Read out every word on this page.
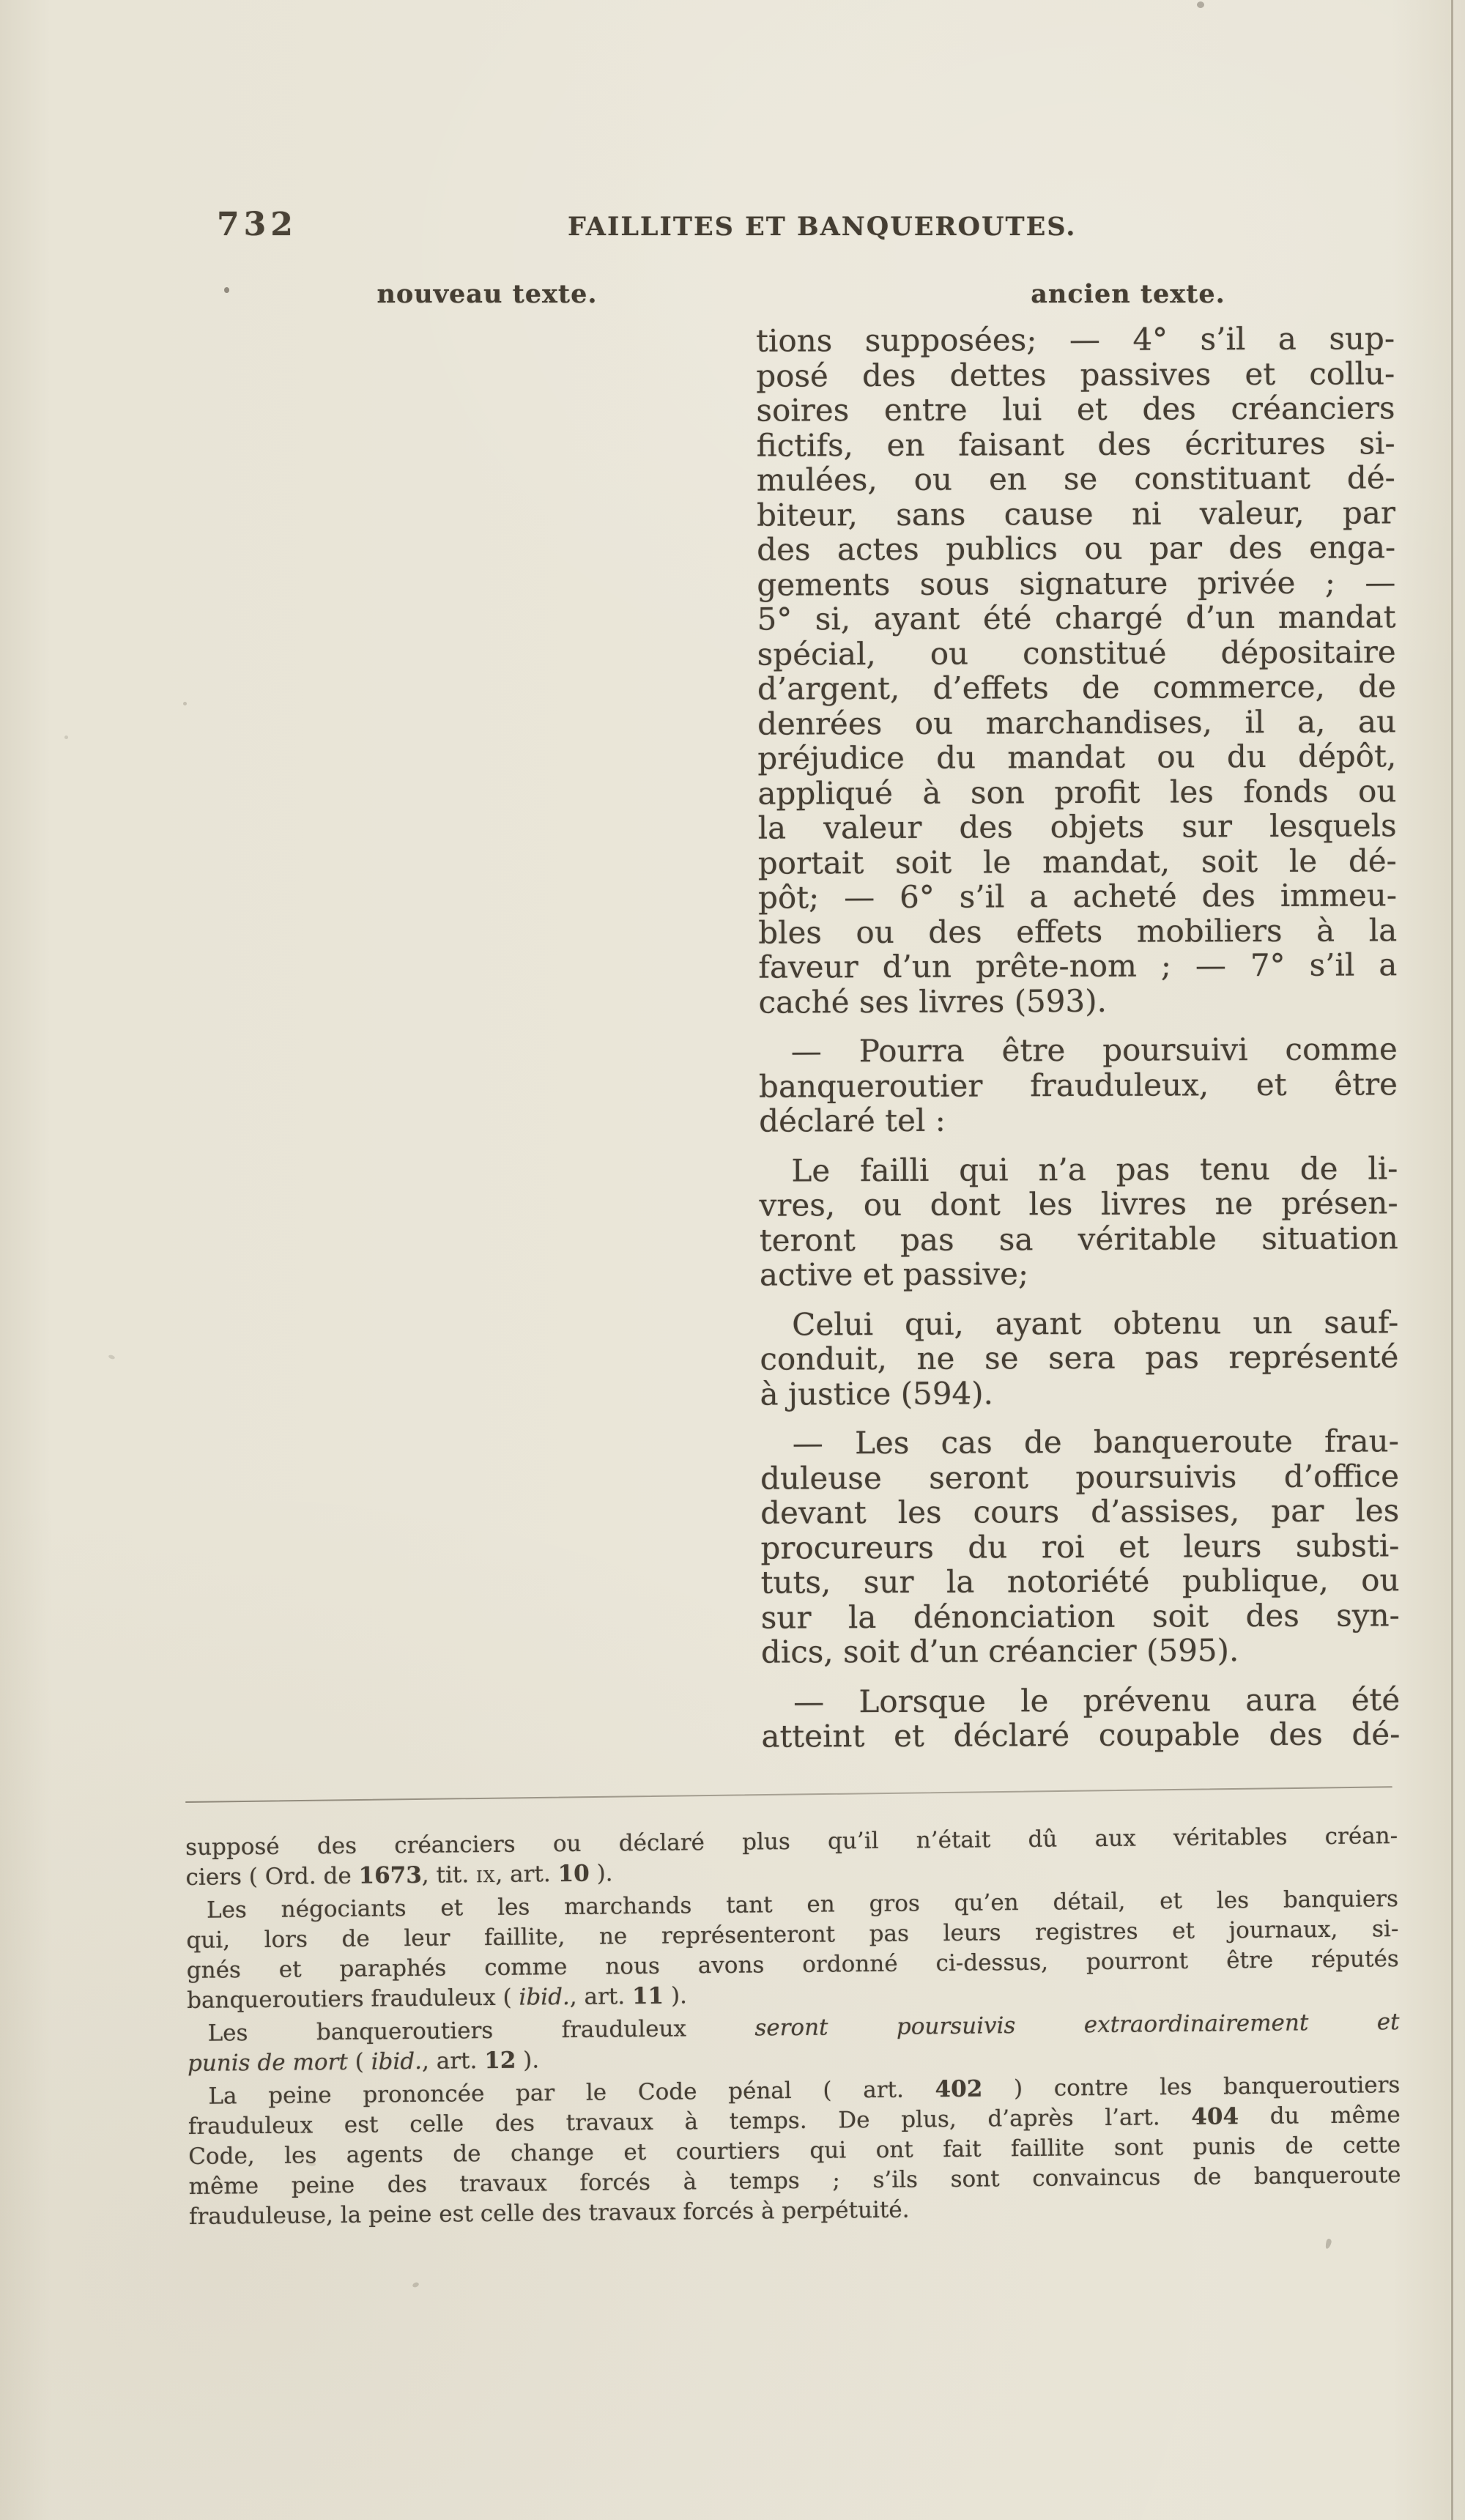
732	FAILLITES ET BANQUEROUTES.
nouveau texte.	ancien texte.
tions supposées; — 4° s’il a sup-
posé des dettes passives et collu-
soires entre lui et des créanciers
fictifs, en faisant des écritures si-
mulées, ou en se constituant dé-
biteur, sans cause ni valeur, par
des actes publics ou par des enga-
gements sous signature privée ; —
5° si, ayant été chargé d’un mandat
spécial, ou constitué dépositaire
d’argent, d’effets de commerce, de
denrées ou marchandises, il a, au
préjudice du mandat ou du dépôt,
appliqué à son profit les fonds ou
la valeur des objets sur lesquels
portait soit le mandat, soit le dé-
pôt; — 6° s’il a acheté des immeu-
bles ou des effets mobiliers à la
faveur d’un prête-nom ; — 7° s’il a
caché ses livres (593).
— Pourra être poursuivi comme
banqueroutier frauduleux, et être
déclaré tel :
Le failli qui n’a pas tenu de li-
vres, ou dont les livres ne présen-
teront pas sa véritable situation
active et passive;
Celui qui, ayant obtenu un sauf-
conduit, ne se sera pas représenté
à justice (594).
— Les cas de banqueroute frau-
duleuse seront poursuivis d’office
devant les cours d’assises, par les
procureurs du roi et leurs substi-
tuts, sur la notoriété publique, ou
sur la dénonciation soit des syn-
dics, soit d’un créancier (595).
— Lorsque le prévenu aura été
atteint et déclaré coupable des dé-
supposé des créanciers ou déclaré plus qu’il n’était dû aux véritables créan-
ciers ( Ord. de 1673, tit. ix, art. 10 ).
Les négociants et les marchands tant en gros qu’en détail, et les banquiers
qui, lors de leur faillite, ne représenteront pas leurs registres et journaux, si-
gnés et paraphés comme nous avons ordonné ci-dessus, pourront être réputés
banqueroutiers frauduleux ( ibid., art. 11 ).
Les banqueroutiers frauduleux seront poursuivis extraordinairement et
punis de mort ( ibid., art. 12 ).
La peine prononcée par le Code pénal ( art. 402 ) contre les banqueroutiers
frauduleux est celle des travaux à temps. De plus, d’après l’art. 404 du même
Code, les agents de change et courtiers qui ont fait faillite sont punis de cette
même peine des travaux forcés à temps ; s’ils sont convaincus de banqueroute
frauduleuse, la peine est celle des travaux forcés à perpétuité.
